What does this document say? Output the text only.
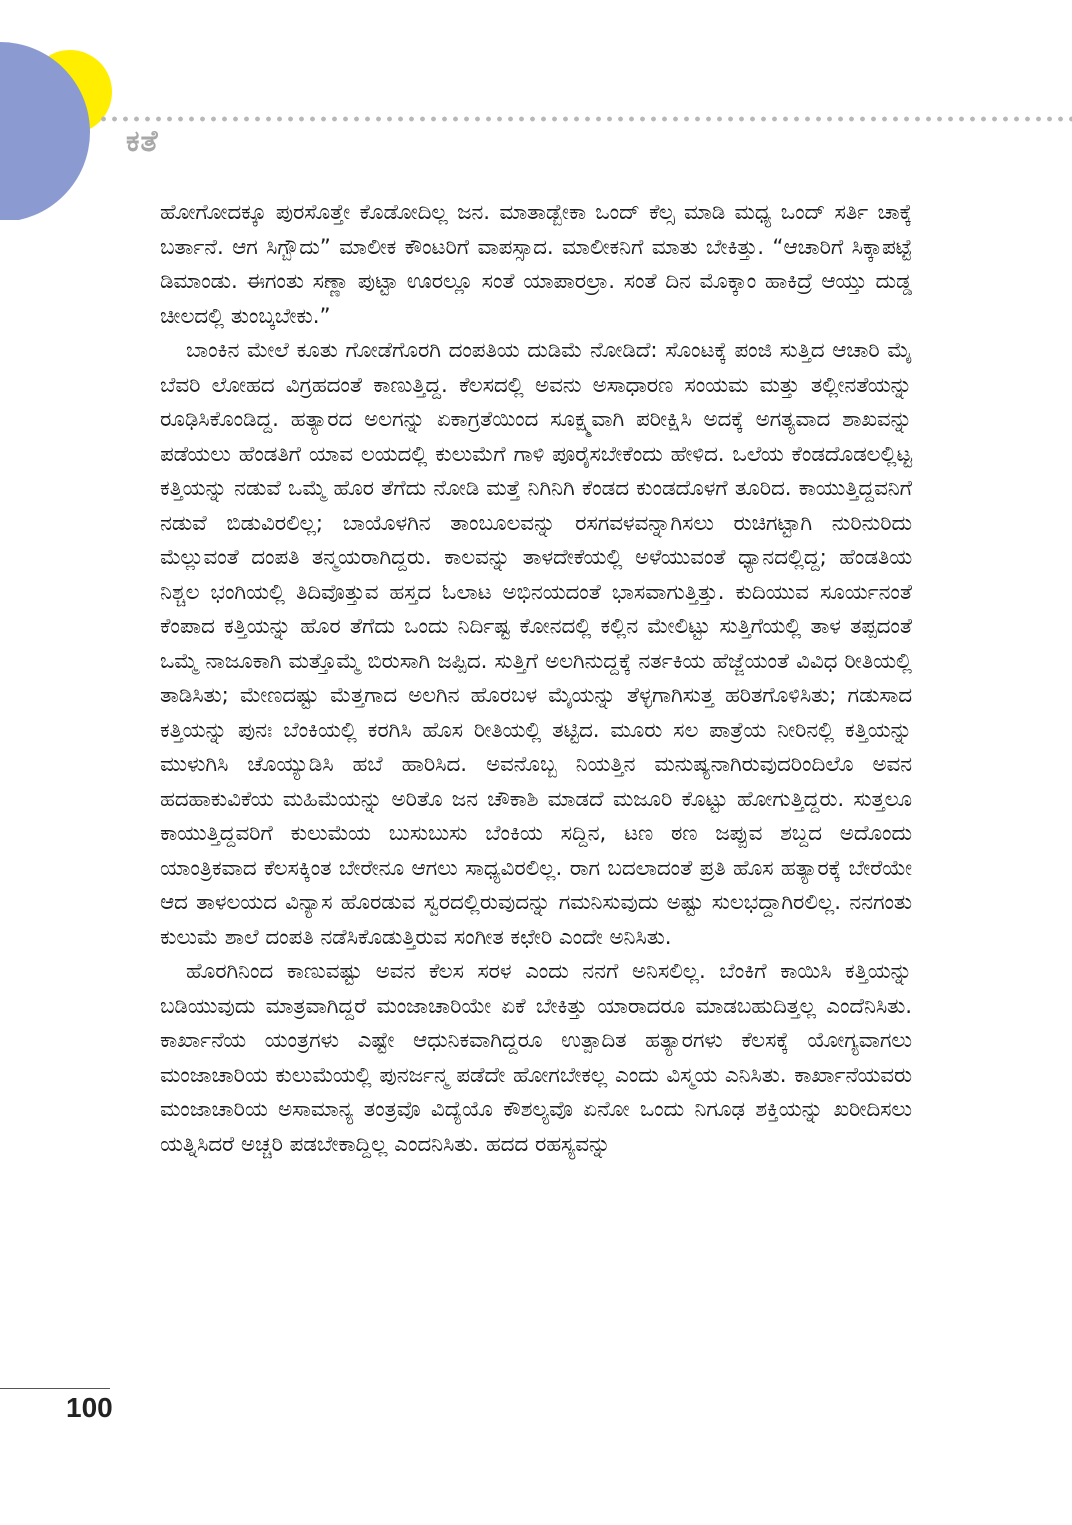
ಕತೆ

ಹೋಗೋದಕ್ಕೂ ಪುರಸೊತ್ತೇ ಕೊಡೋದಿಲ್ಲ ಜನ. ಮಾತಾಡ್ಬೇಕಾ ಒಂದ್ ಕೆಲ್ಸ ಮಾಡಿ ಮಧ್ಯ ಒಂದ್ ಸರ್ತಿ ಚಾಕ್ಕೆ ಬರ್ತಾನೆ. ಆಗ ಸಿಗ್ಬೌದು” ಮಾಲೀಕ ಕೌಂಟರಿಗೆ ವಾಪಸ್ಸಾದ. ಮಾಲೀಕನಿಗೆ ಮಾತು ಬೇಕಿತ್ತು. “ಆಚಾರಿಗೆ ಸಿಕ್ಕಾಪಟ್ಟೆ ಡಿಮಾಂಡು. ಈಗಂತು ಸಣ್ಣಾ ಪುಟ್ಟಾ ಊರಲ್ಲೂ ಸಂತೆ ಯಾಪಾರಲ್ರಾ. ಸಂತೆ ದಿನ ಮೊಕ್ಕಾಂ ಹಾಕಿದ್ರೆ ಆಯ್ತು ದುಡ್ಡ ಚೀಲದಲ್ಲಿ ತುಂಬ್ಕಬೇಕು.”

ಬಾಂಕಿನ ಮೇಲೆ ಕೂತು ಗೋಡೆಗೊರಗಿ ದಂಪತಿಯ ದುಡಿಮೆ ನೋಡಿದೆ: ಸೊಂಟಕ್ಕೆ ಪಂಜಿ ಸುತ್ತಿದ ಆಚಾರಿ ಮೈ ಬೆವರಿ ಲೋಹದ ವಿಗ್ರಹದಂತೆ ಕಾಣುತ್ತಿದ್ದ. ಕೆಲಸದಲ್ಲಿ ಅವನು ಅಸಾಧಾರಣ ಸಂಯಮ ಮತ್ತು ತಲ್ಲೀನತೆಯನ್ನು ರೂಢಿಸಿಕೊಂಡಿದ್ದ. ಹತ್ಯಾರದ ಅಲಗನ್ನು ಏಕಾಗ್ರತೆಯಿಂದ ಸೂಕ್ಷ್ಮವಾಗಿ ಪರೀಕ್ಷಿಸಿ ಅದಕ್ಕೆ ಅಗತ್ಯವಾದ ಶಾಖವನ್ನು ಪಡೆಯಲು ಹೆಂಡತಿಗೆ ಯಾವ ಲಯದಲ್ಲಿ ಕುಲುಮೆಗೆ ಗಾಳಿ ಪೂರೈಸಬೇಕೆಂದು ಹೇಳಿದ. ಒಲೆಯ ಕೆಂಡದೊಡಲಲ್ಲಿಟ್ಟ ಕತ್ತಿಯನ್ನು ನಡುವೆ ಒಮ್ಮೆ ಹೊರ ತೆಗೆದು ನೋಡಿ ಮತ್ತೆ ನಿಗಿನಿಗಿ ಕೆಂಡದ ಕುಂಡದೊಳಗೆ ತೂರಿದ. ಕಾಯುತ್ತಿದ್ದವನಿಗೆ ನಡುವೆ ಬಿಡುವಿರಲಿಲ್ಲ; ಬಾಯೊಳಗಿನ ತಾಂಬೂಲವನ್ನು ರಸಗವಳವನ್ನಾಗಿಸಲು ರುಚಿಗಟ್ಟಾಗಿ ನುರಿನುರಿದು ಮೆಲ್ಲುವಂತೆ ದಂಪತಿ ತನ್ಮಯರಾಗಿದ್ದರು. ಕಾಲವನ್ನು ತಾಳದೇಕೆಯಲ್ಲಿ ಅಳೆಯುವಂತೆ ಧ್ಯಾನದಲ್ಲಿದ್ದ; ಹೆಂಡತಿಯ ನಿಶ್ಚಲ ಭಂಗಿಯಲ್ಲಿ ತಿದಿವೊತ್ತುವ ಹಸ್ತದ ಓಲಾಟ ಅಭಿನಯದಂತೆ ಭಾಸವಾಗುತ್ತಿತ್ತು. ಕುದಿಯುವ ಸೂರ್ಯನಂತೆ ಕೆಂಪಾದ ಕತ್ತಿಯನ್ನು ಹೊರ ತೆಗೆದು ಒಂದು ನಿರ್ದಿಷ್ಟ ಕೋನದಲ್ಲಿ ಕಲ್ಲಿನ ಮೇಲಿಟ್ಟು ಸುತ್ತಿಗೆಯಲ್ಲಿ ತಾಳ ತಪ್ಪದಂತೆ ಒಮ್ಮೆ ನಾಜೂಕಾಗಿ ಮತ್ತೊಮ್ಮೆ ಬಿರುಸಾಗಿ ಜಪ್ಪಿದ. ಸುತ್ತಿಗೆ ಅಲಗಿನುದ್ದಕ್ಕೆ ನರ್ತಕಿಯ ಹೆಜ್ಜೆಯಂತೆ ವಿವಿಧ ರೀತಿಯಲ್ಲಿ ತಾಡಿಸಿತು; ಮೇಣದಷ್ಟು ಮೆತ್ತಗಾದ ಅಲಗಿನ ಹೊರಬಳ ಮೈಯನ್ನು ತೆಳ್ಳಗಾಗಿಸುತ್ತ ಹರಿತಗೊಳಿಸಿತು; ಗಡುಸಾದ ಕತ್ತಿಯನ್ನು ಪುನಃ ಬೆಂಕಿಯಲ್ಲಿ ಕರಗಿಸಿ ಹೊಸ ರೀತಿಯಲ್ಲಿ ತಟ್ಟಿದ. ಮೂರು ಸಲ ಪಾತ್ರೆಯ ನೀರಿನಲ್ಲಿ ಕತ್ತಿಯನ್ನು ಮುಳುಗಿಸಿ ಚೊಯ್ಯುಡಿಸಿ ಹಬೆ ಹಾರಿಸಿದ. ಅವನೊಬ್ಬ ನಿಯತ್ತಿನ ಮನುಷ್ಯನಾಗಿರುವುದರಿಂದಿಲೊ ಅವನ ಹದಹಾಕುವಿಕೆಯ ಮಹಿಮೆಯನ್ನು ಅರಿತೊ ಜನ ಚೌಕಾಶಿ ಮಾಡದೆ ಮಜೂರಿ ಕೊಟ್ಟು ಹೋಗುತ್ತಿದ್ದರು. ಸುತ್ತಲೂ ಕಾಯುತ್ತಿದ್ದವರಿಗೆ ಕುಲುಮೆಯ ಬುಸುಬುಸು ಬೆಂಕಿಯ ಸದ್ದಿನ, ಟಣ ಠಣ ಜಪ್ಪುವ ಶಬ್ದದ ಅದೊಂದು ಯಾಂತ್ರಿಕವಾದ ಕೆಲಸಕ್ಕಿಂತ ಬೇರೇನೂ ಆಗಲು ಸಾಧ್ಯವಿರಲಿಲ್ಲ. ರಾಗ ಬದಲಾದಂತೆ ಪ್ರತಿ ಹೊಸ ಹತ್ಯಾರಕ್ಕೆ ಬೇರೆಯೇ ಆದ ತಾಳಲಯದ ವಿನ್ಯಾಸ ಹೊರಡುವ ಸ್ವರದಲ್ಲಿರುವುದನ್ನು ಗಮನಿಸುವುದು ಅಷ್ಟು ಸುಲಭದ್ದಾಗಿರಲಿಲ್ಲ. ನನಗಂತು ಕುಲುಮೆ ಶಾಲೆ ದಂಪತಿ ನಡೆಸಿಕೊಡುತ್ತಿರುವ ಸಂಗೀತ ಕಛೇರಿ ಎಂದೇ ಅನಿಸಿತು.

ಹೊರಗಿನಿಂದ ಕಾಣುವಷ್ಟು ಅವನ ಕೆಲಸ ಸರಳ ಎಂದು ನನಗೆ ಅನಿಸಲಿಲ್ಲ. ಬೆಂಕಿಗೆ ಕಾಯಿಸಿ ಕತ್ತಿಯನ್ನು ಬಡಿಯುವುದು ಮಾತ್ರವಾಗಿದ್ದರೆ ಮಂಜಾಚಾರಿಯೇ ಏಕೆ ಬೇಕಿತ್ತು ಯಾರಾದರೂ ಮಾಡಬಹುದಿತ್ತಲ್ಲ ಎಂದೆನಿಸಿತು. ಕಾರ್ಖಾನೆಯ ಯಂತ್ರಗಳು ಎಷ್ಟೇ ಆಧುನಿಕವಾಗಿದ್ದರೂ ಉತ್ಪಾದಿತ ಹತ್ಯಾರಗಳು ಕೆಲಸಕ್ಕೆ ಯೋಗ್ಯವಾಗಲು ಮಂಜಾಚಾರಿಯ ಕುಲುಮೆಯಲ್ಲಿ ಪುನರ್ಜನ್ಮ ಪಡೆದೇ ಹೋಗಬೇಕಲ್ಲ ಎಂದು ವಿಸ್ಮಯ ಎನಿಸಿತು. ಕಾರ್ಖಾನೆಯವರು ಮಂಜಾಚಾರಿಯ ಅಸಾಮಾನ್ಯ ತಂತ್ರವೊ ವಿದ್ಯೆಯೊ ಕೌಶಲ್ಯವೊ ಏನೋ ಒಂದು ನಿಗೂಢ ಶಕ್ತಿಯನ್ನು ಖರೀದಿಸಲು ಯತ್ನಿಸಿದರೆ ಅಚ್ಚರಿ ಪಡಬೇಕಾದ್ದಿಲ್ಲ ಎಂದನಿಸಿತು. ಹದದ ರಹಸ್ಯವನ್ನು

100
